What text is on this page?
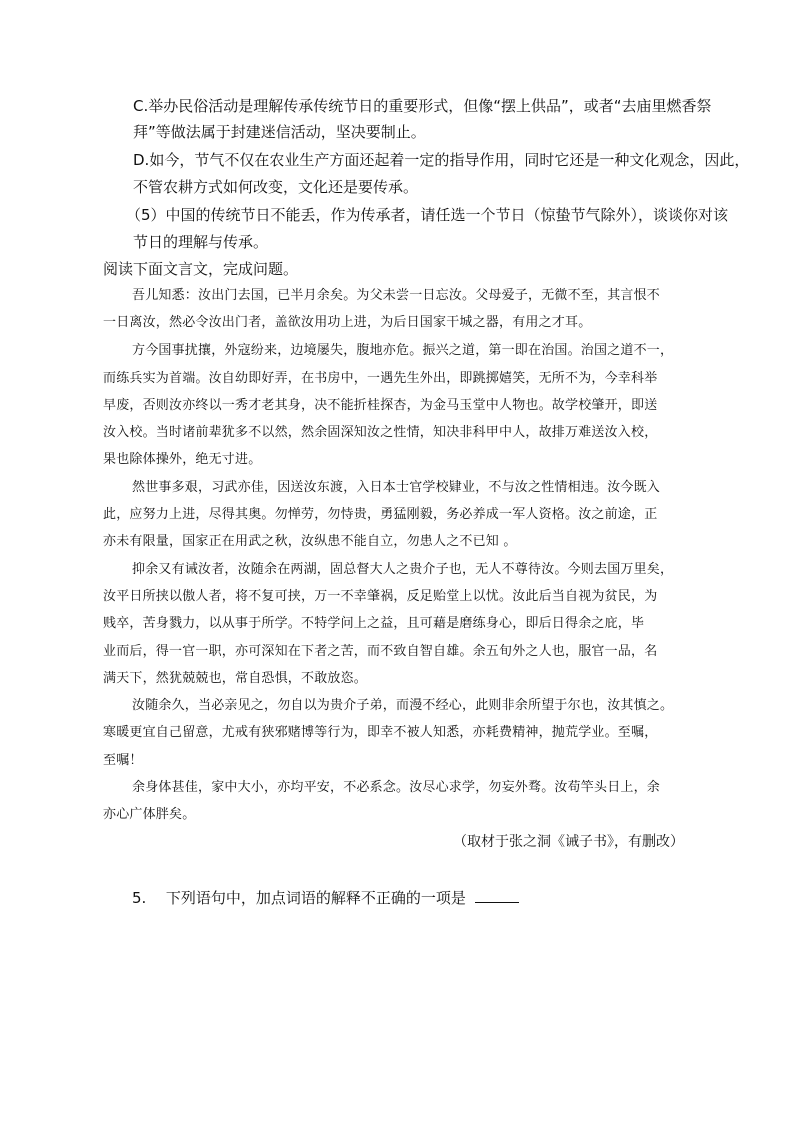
C.举办民俗活动是理解传承传统节日的重要形式，但像“摆上供品”，或者“去庙里燃香祭
拜”等做法属于封建迷信活动，坚决要制止。
D.如今，节气不仅在农业生产方面还起着一定的指导作用，同时它还是一种文化观念，因此，
不管农耕方式如何改变，文化还是要传承。
（5）中国的传统节日不能丢，作为传承者，请任选一个节日（惊蛰节气除外），谈谈你对该
节日的理解与传承。
阅读下面文言文，完成问题。
吾儿知悉：汝出门去国，已半月余矣。为父未尝一日忘汝。父母爱子，无微不至，其言恨不
一日离汝，然必令汝出门者，盖欲汝用功上进，为后日国家干城之器，有用之才耳。
方今国事扰攘，外寇纷来，边境屡失，腹地亦危。振兴之道，第一即在治国。治国之道不一，
而练兵实为首端。汝自幼即好弄，在书房中，一遇先生外出，即跳掷嬉笑，无所不为，今幸科举
早废，否则汝亦终以一秀才老其身，决不能折桂探杏，为金马玉堂中人物也。故学校肇开，即送
汝入校。当时诸前辈犹多不以然，然余固深知汝之性情，知决非科甲中人，故排万难送汝入校，
果也除体操外，绝无寸进。
然世事多艰，习武亦佳，因送汝东渡，入日本士官学校肄业，不与汝之性情相违。汝今既入
此，应努力上进，尽得其奥。勿惮劳，勿恃贵，勇猛刚毅，务必养成一军人资格。汝之前途，正
亦未有限量，国家正在用武之秋，汝纵患不能自立，勿患人之不已知 。
抑余又有诫汝者，汝随余在两湖，固总督大人之贵介子也，无人不尊待汝。今则去国万里矣，
汝平日所挟以傲人者，将不复可挟，万一不幸肇祸，反足贻堂上以忧。汝此后当自视为贫民，为
贱卒，苦身戮力，以从事于所学。不特学问上之益，且可藉是磨练身心，即后日得余之庇，毕
业而后，得一官一职，亦可深知在下者之苦，而不致自智自雄。余五旬外之人也，服官一品，名
满天下，然犹兢兢也，常自恐惧，不敢放恣。
汝随余久，当必亲见之，勿自以为贵介子弟，而漫不经心，此则非余所望于尔也，汝其慎之。
寒暖更宜自己留意，尤戒有狭邪赌博等行为，即幸不被人知悉，亦耗费精神，抛荒学业。至嘱，
至嘱！
余身体甚佳，家中大小，亦均平安，不必系念。汝尽心求学，勿妄外骛。汝苟竿头日上，余
亦心广体胖矣。
（取材于张之洞《诫子书》，有删改）
5. 下列语句中，加点词语的解释不正确的一项是
